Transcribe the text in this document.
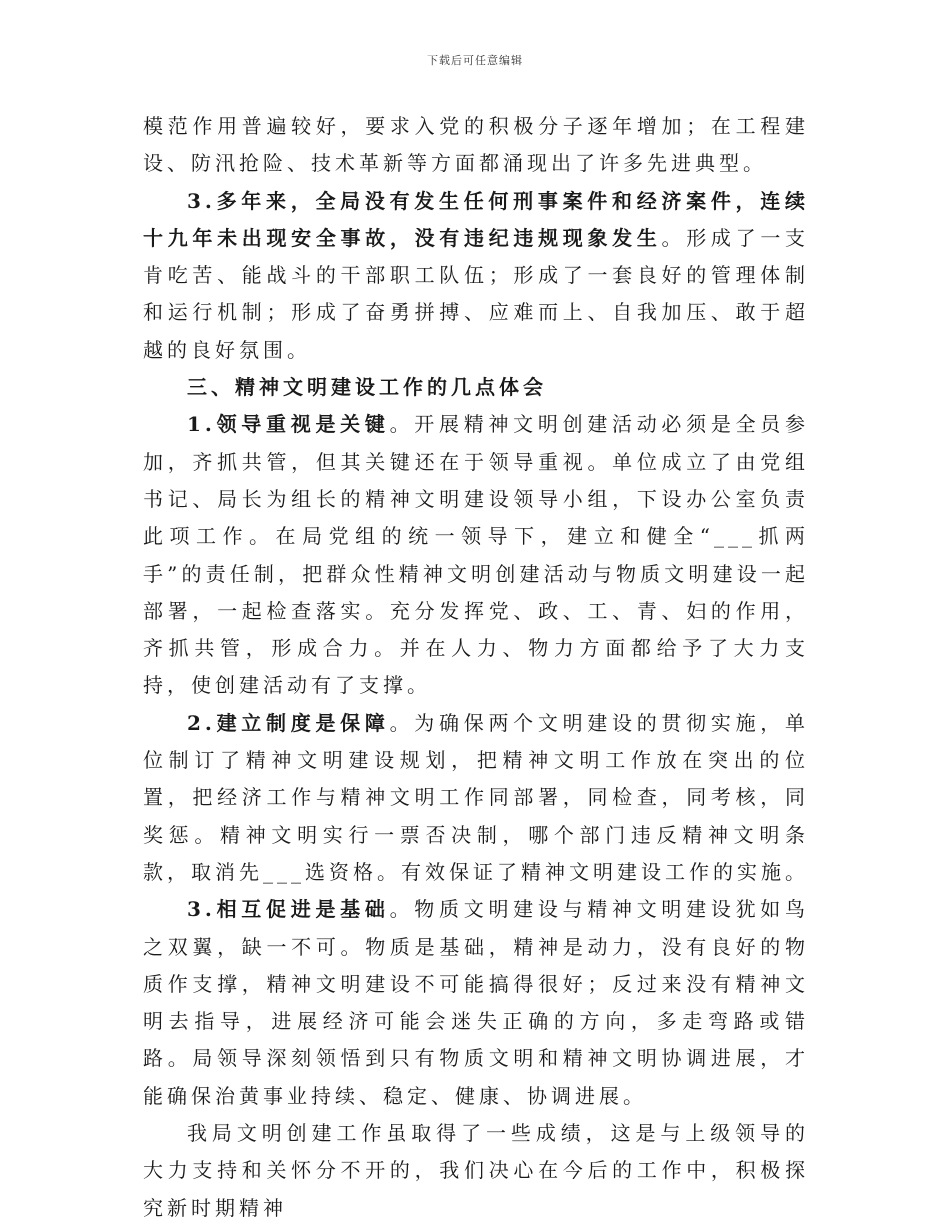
下载后可任意编辑

模范作用普遍较好，要求入党的积极分子逐年增加；在工程建设、防汛抢险、技术革新等方面都涌现出了许多先进典型。

3.多年来，全局没有发生任何刑事案件和经济案件，连续十九年未出现安全事故，没有违纪违规现象发生。形成了一支肯吃苦、能战斗的干部职工队伍；形成了一套良好的管理体制和运行机制；形成了奋勇拼搏、应难而上、自我加压、敢于超越的良好氛围。

三、精神文明建设工作的几点体会

1.领导重视是关键。开展精神文明创建活动必须是全员参加，齐抓共管，但其关键还在于领导重视。单位成立了由党组书记、局长为组长的精神文明建设领导小组，下设办公室负责此项工作。在局党组的统一领导下，建立和健全“___抓两手”的责任制，把群众性精神文明创建活动与物质文明建设一起部署，一起检查落实。充分发挥党、政、工、青、妇的作用，齐抓共管，形成合力。并在人力、物力方面都给予了大力支持，使创建活动有了支撑。

2.建立制度是保障。为确保两个文明建设的贯彻实施，单位制订了精神文明建设规划，把精神文明工作放在突出的位置，把经济工作与精神文明工作同部署，同检查，同考核，同奖惩。精神文明实行一票否决制，哪个部门违反精神文明条款，取消先___选资格。有效保证了精神文明建设工作的实施。

3.相互促进是基础。物质文明建设与精神文明建设犹如鸟之双翼，缺一不可。物质是基础，精神是动力，没有良好的物质作支撑，精神文明建设不可能搞得很好；反过来没有精神文明去指导，进展经济可能会迷失正确的方向，多走弯路或错路。局领导深刻领悟到只有物质文明和精神文明协调进展，才能确保治黄事业持续、稳定、健康、协调进展。

我局文明创建工作虽取得了一些成绩，这是与上级领导的大力支持和关怀分不开的，我们决心在今后的工作中，积极探究新时期精神
